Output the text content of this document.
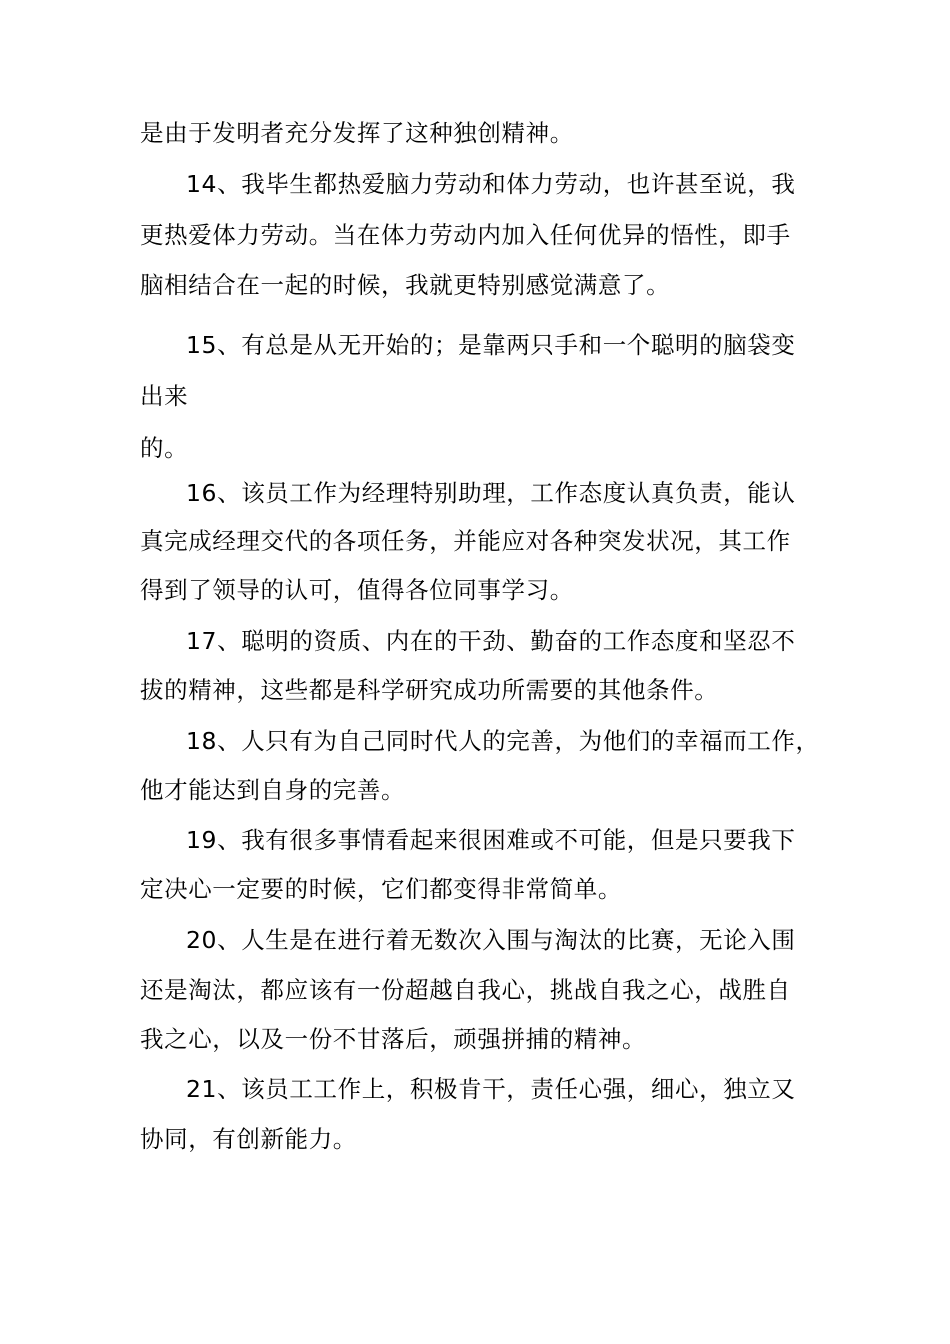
是由于发明者充分发挥了这种独创精神。
14、我毕生都热爱脑力劳动和体力劳动，也许甚至说，我
更热爱体力劳动。当在体力劳动内加入任何优异的悟性，即手
脑相结合在一起的时候，我就更特别感觉满意了。
15、有总是从无开始的；是靠两只手和一个聪明的脑袋变
出来
的。
16、该员工作为经理特别助理，工作态度认真负责，能认
真完成经理交代的各项任务，并能应对各种突发状况，其工作
得到了领导的认可，值得各位同事学习。
17、聪明的资质、内在的干劲、勤奋的工作态度和坚忍不
拔的精神，这些都是科学研究成功所需要的其他条件。
18、人只有为自己同时代人的完善，为他们的幸福而工作，
他才能达到自身的完善。
19、我有很多事情看起来很困难或不可能，但是只要我下
定决心一定要的时候，它们都变得非常简单。
20、人生是在进行着无数次入围与淘汰的比赛，无论入围
还是淘汰，都应该有一份超越自我心，挑战自我之心，战胜自
我之心，以及一份不甘落后，顽强拼捕的精神。
21、该员工工作上，积极肯干，责任心强，细心，独立又
协同，有创新能力。
